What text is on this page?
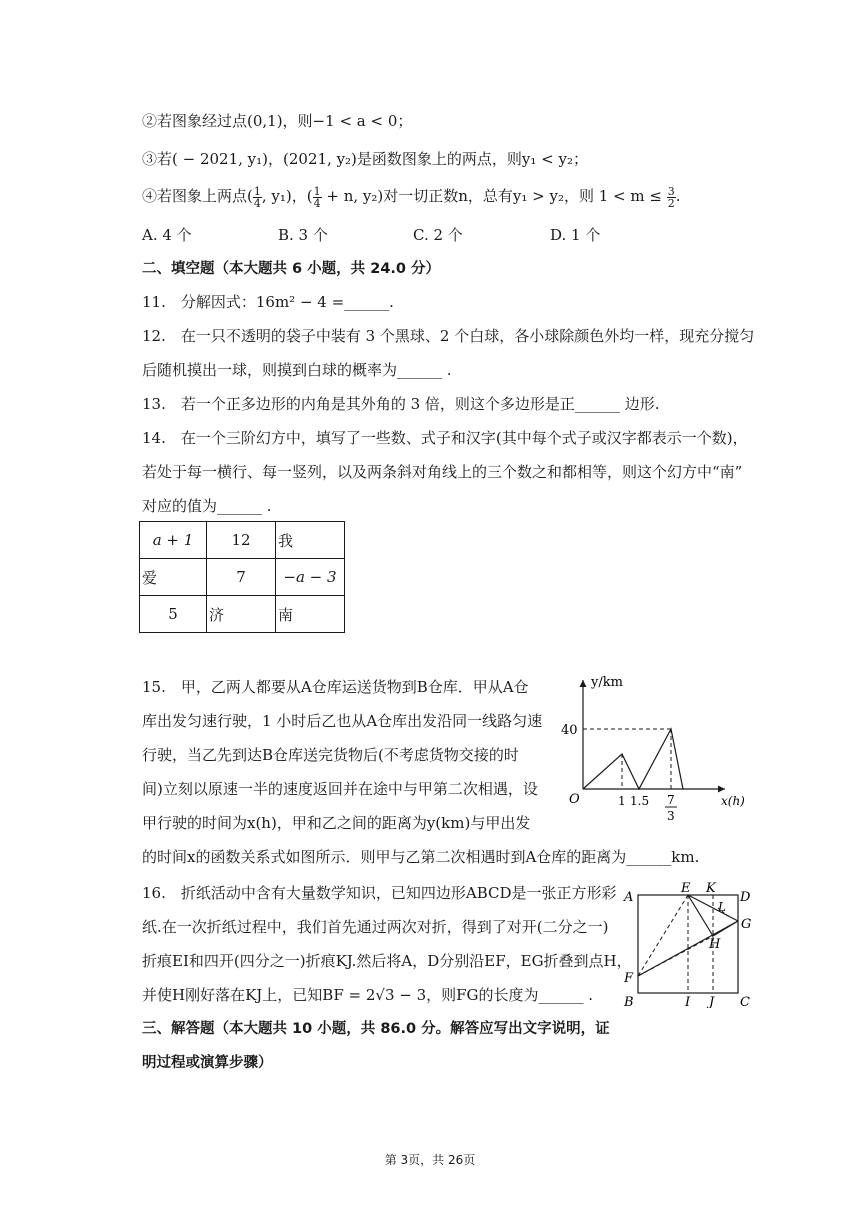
②若图象经过点(0,1)，则−1 < a < 0；
③若( − 2021, y₁)，(2021, y₂)是函数图象上的两点，则y₁ < y₂；
④若图象上两点( $\frac{1}{4}$ , y₁)，( $\frac{1}{4} + n$, y₂)对一切正数n，总有y₁ > y₂，则 $1 < m \le \frac{3}{2}$ .
A. 4 个	B. 3 个	C. 2 个	D. 1 个
二、填空题（本大题共 6 小题，共 24.0 分）
11.　分解因式：16m² − 4 =______.
12.　在一只不透明的袋子中装有 3 个黑球、2 个白球，各小球除颜色外均一样，现充分搅匀
后随机摸出一球，则摸到白球的概率为______ .
13.　若一个正多边形的内角是其外角的 3 倍，则这个多边形是正______ 边形.
14.　在一个三阶幻方中，填写了一些数、式子和汉字(其中每个式子或汉字都表示一个数)，
若处于每一横行、每一竖列，以及两条斜对角线上的三个数之和都相等，则这个幻方中“南”
对应的值为______ .
a + 1	12	我
爱	7	−a − 3
5	济	南
15.　甲，乙两人都要从A仓库运送货物到B仓库．甲从A仓
库出发匀速行驶，1 小时后乙也从A仓库出发沿同一线路匀速
行驶，当乙先到达B仓库送完货物后(不考虑货物交接的时
间)立刻以原速一半的速度返回并在途中与甲第二次相遇，设
甲行驶的时间为x(h)，甲和乙之间的距离为y(km)与甲出发
的时间x的函数关系式如图所示．则甲与乙第二次相遇时到A仓库的距离为______km.
y/km
x(h)
O
40
1 1.5 7
3
16.　折纸活动中含有大量数学知识，已知四边形ABCD是一张正方形彩
纸.在一次折纸过程中，我们首先通过两次对折，得到了对开(二分之一)
折痕EI和四开(四分之一)折痕KJ.然后将A，D分别沿EF，EG折叠到点H，
并使H刚好落在KJ上，已知BF = 2√3 − 3，则FG的长度为______ .
A
E K
D
L
G
H
F
B	I J C
三、解答题（本大题共 10 小题，共 86.0 分。解答应写出文字说明，证
明过程或演算步骤）
第 3页，共 26页
